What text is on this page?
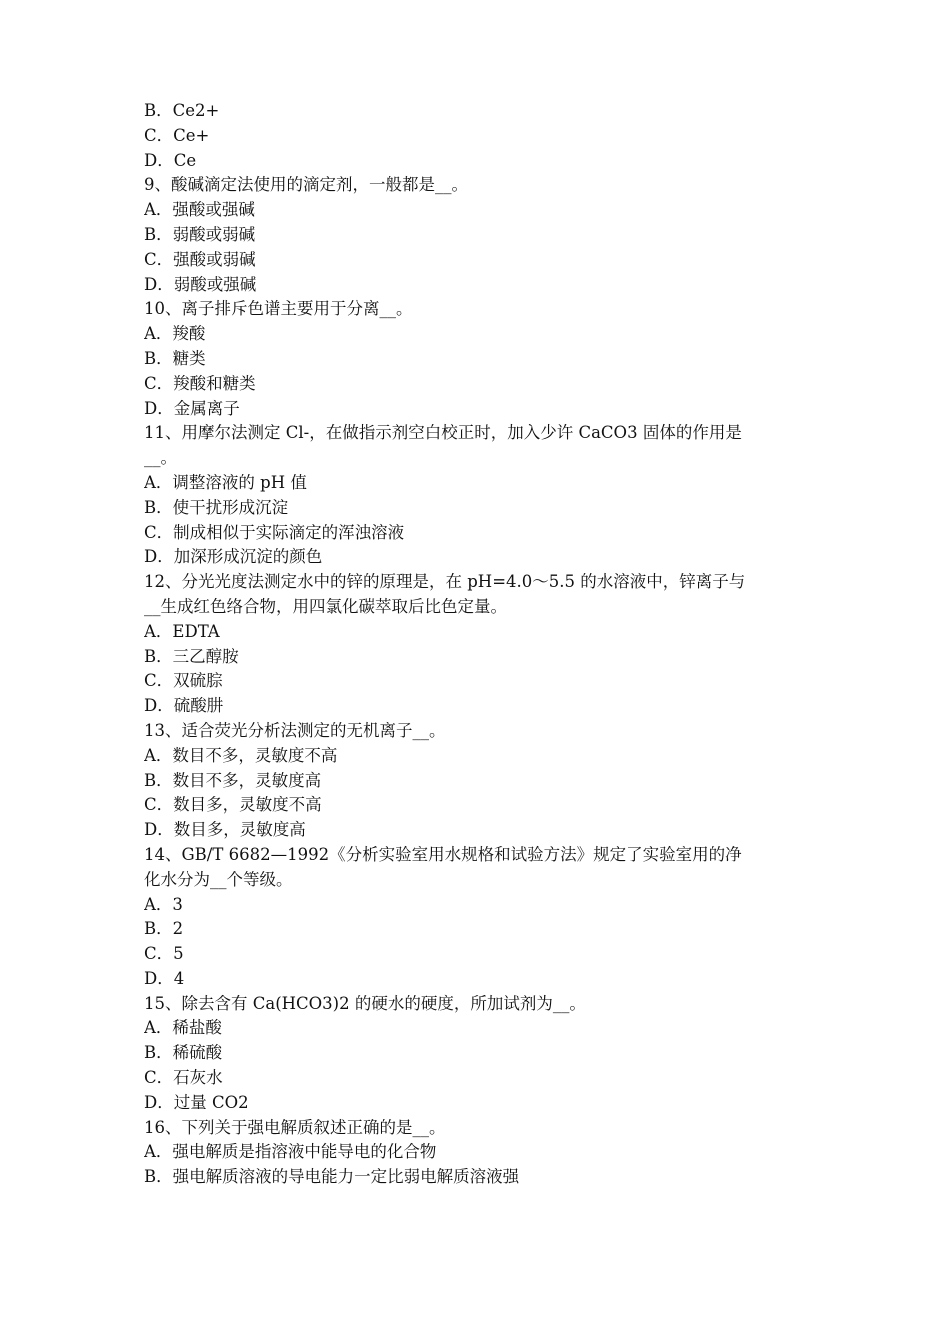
B．Ce2+
C．Ce+
D．Ce
9、酸碱滴定法使用的滴定剂，一般都是__。
A．强酸或强碱
B．弱酸或弱碱
C．强酸或弱碱
D．弱酸或强碱
10、离子排斥色谱主要用于分离__。
A．羧酸
B．糖类
C．羧酸和糖类
D．金属离子
11、用摩尔法测定 Cl-，在做指示剂空白校正时，加入少许 CaCO3 固体的作用是
__。
A．调整溶液的 pH 值
B．使干扰形成沉淀
C．制成相似于实际滴定的浑浊溶液
D．加深形成沉淀的颜色
12、分光光度法测定水中的锌的原理是，在 pH=4.0～5.5 的水溶液中，锌离子与
__生成红色络合物，用四氯化碳萃取后比色定量。
A．EDTA
B．三乙醇胺
C．双硫腙
D．硫酸肼
13、适合荧光分析法测定的无机离子__。
A．数目不多，灵敏度不高
B．数目不多，灵敏度高
C．数目多，灵敏度不高
D．数目多，灵敏度高
14、GB/T 6682—1992《分析实验室用水规格和试验方法》规定了实验室用的净
化水分为__个等级。
A．3
B．2
C．5
D．4
15、除去含有 Ca(HCO3)2 的硬水的硬度，所加试剂为__。
A．稀盐酸
B．稀硫酸
C．石灰水
D．过量 CO2
16、下列关于强电解质叙述正确的是__。
A．强电解质是指溶液中能导电的化合物
B．强电解质溶液的导电能力一定比弱电解质溶液强
